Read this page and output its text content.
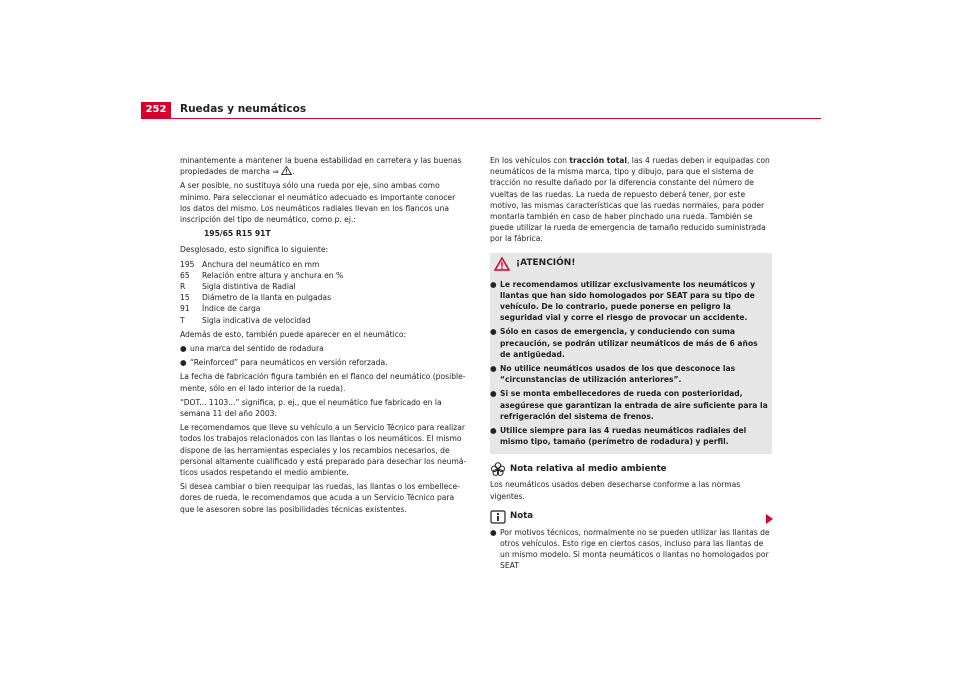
252	Ruedas y neumáticos

minantemente a mantener la buena estabilidad en carretera y las buenas propiedades de marcha ⇒ .

A ser posible, no sustituya sólo una rueda por eje, sino ambas como mínimo. Para seleccionar el neumático adecuado es importante conocer los datos del mismo. Los neumáticos radiales llevan en los flancos una inscripción del tipo de neumático, como p. ej.:

195/65 R15 91T

Desglosado, esto significa lo siguiente:

195 Anchura del neumático en mm
65	Relación entre altura y anchura en %
R	Sigla distintiva de Radial
15	Diámetro de la llanta en pulgadas
91	Índice de carga
T	Sigla indicativa de velocidad

Además de esto, también puede aparecer en el neumático:

● una marca del sentido de rodadura
● “Reinforced” para neumáticos en versión reforzada.

La fecha de fabricación figura también en el flanco del neumático (posible-mente, sólo en el lado interior de la rueda).

“DOT... 1103...” significa, p. ej., que el neumático fue fabricado en la semana 11 del año 2003.

Le recomendamos que lleve su vehículo a un Servicio Técnico para realizar todos los trabajos relacionados con las llantas o los neumáticos. El mismo dispone de las herramientas especiales y los recambios necesarios, de personal altamente cualificado y está preparado para desechar los neumá-ticos usados respetando el medio ambiente.

Si desea cambiar o bien reequipar las ruedas, las llantas o los embellece-dores de rueda, le recomendamos que acuda a un Servicio Técnico para que le asesoren sobre las posibilidades técnicas existentes.

En los vehículos con tracción total, las 4 ruedas deben ir equipadas con neumáticos de la misma marca, tipo y dibujo, para que el sistema de tracción no resulte dañado por la diferencia constante del número de vueltas de las ruedas. La rueda de repuesto deberá tener, por este motivo, las mismas características que las ruedas normales, para poder montarla también en caso de haber pinchado una rueda. También se puede utilizar la rueda de emergencia de tamaño reducido suministrada por la fábrica.

¡ATENCIÓN!
● Le recomendamos utilizar exclusivamente los neumáticos y llantas que han sido homologados por SEAT para su tipo de vehículo. De lo contrario, puede ponerse en peligro la seguridad vial y corre el riesgo de provocar un accidente.
● Sólo en casos de emergencia, y conduciendo con suma precaución, se podrán utilizar neumáticos de más de 6 años de antigüedad.
● No utilice neumáticos usados de los que desconoce las “circunstancias de utilización anteriores”.
● Si se monta embellecedores de rueda con posterioridad, asegúrese que garantizan la entrada de aire suficiente para la refrigeración del sistema de frenos.
● Utilice siempre para las 4 ruedas neumáticos radiales del mismo tipo, tamaño (perímetro de rodadura) y perfil.
Nota relativa al medio ambiente

Los neumáticos usados deben desecharse conforme a las normas vigentes.

Nota
● Por motivos técnicos, normalmente no se pueden utilizar las llantas de otros vehículos. Esto rige en ciertos casos, incluso para las llantas de un mismo modelo. Si monta neumáticos o llantas no homologados por SEAT
